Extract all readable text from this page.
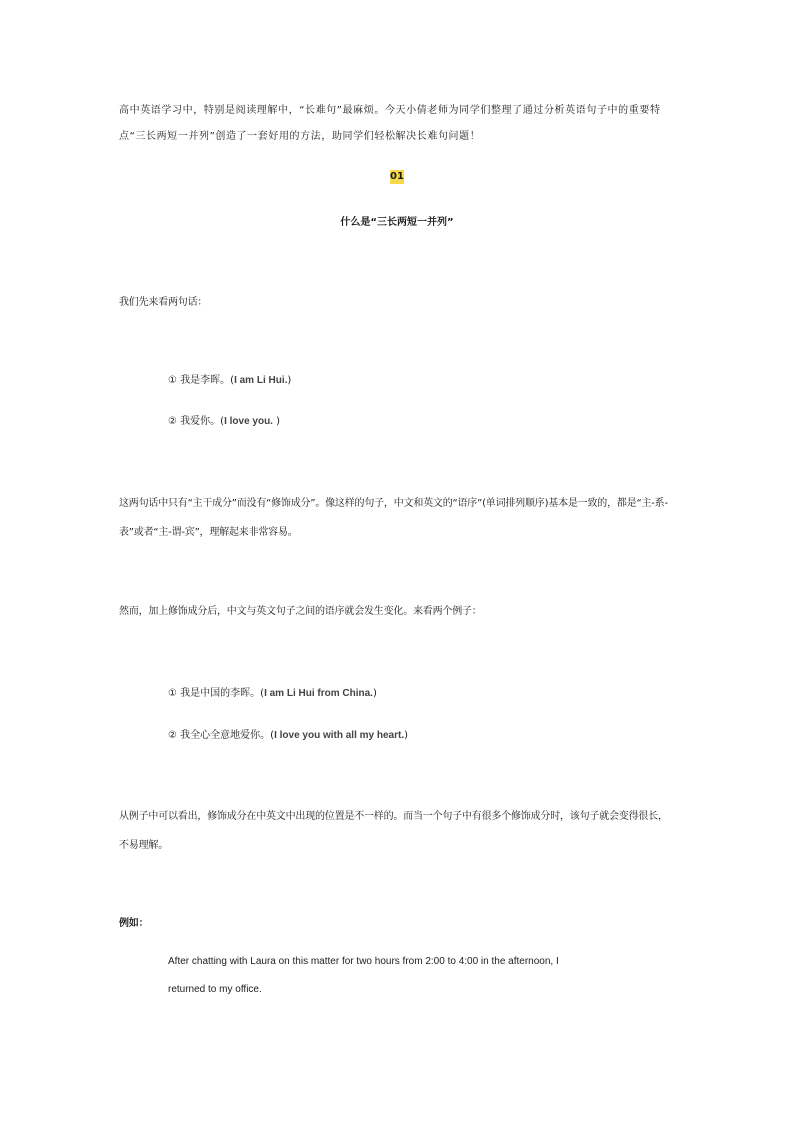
高中英语学习中，特别是阅读理解中，“长难句”最麻烦。今天小倩老师为同学们整理了通过分析英语句子中的重要特
点“三长两短一并列”创造了一套好用的方法，助同学们轻松解决长难句问题！
01
什么是“三长两短一并列”
我们先来看两句话：
① 我是李晖。(I am Li Hui.)
② 我爱你。(I love you. )
这两句话中只有“主干成分”而没有“修饰成分”。像这样的句子，中文和英文的“语序”(单词排列顺序)基本是一致的，都是“主-系-
表”或者“主-谓-宾”，理解起来非常容易。
然而，加上修饰成分后，中文与英文句子之间的语序就会发生变化。来看两个例子：
① 我是中国的李晖。(I am Li Hui from China.)
② 我全心全意地爱你。(I love you with all my heart.)
从例子中可以看出，修饰成分在中英文中出现的位置是不一样的。而当一个句子中有很多个修饰成分时，该句子就会变得很长，
不易理解。
例如：
After chatting with Laura on this matter for two hours from 2:00 to 4:00 in the afternoon, I
returned to my office.
